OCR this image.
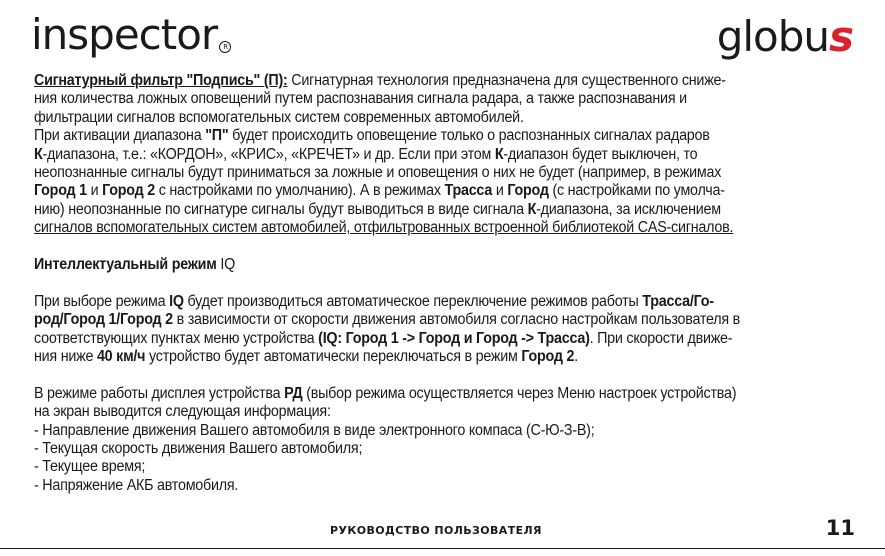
inspector R	globus

Сигнатурный фильтр "Подпись" (П): Сигнатурная технология предназначена для существенного сниже-

ния количества ложных оповещений путем распознавания сигнала радара, а также распознавания и

фильтрации сигналов вспомогательных систем современных автомобилей.

При активации диапазона "П" будет происходить оповещение только о распознанных сигналах радаров

К-диапазона, т.е.: «КОРДОН», «КРИС», «КРЕЧЕТ» и др. Если при этом К-диапазон будет выключен, то

неопознанные сигналы будут приниматься за ложные и оповещения о них не будет (например, в режимах

Город 1 и Город 2 с настройками по умолчанию). А в режимах Трасса и Город (с настройками по умолча-

нию) неопознанные по сигнатуре сигналы будут выводиться в виде сигнала К-диапазона, за исключением

сигналов вспомогательных систем автомобилей, отфильтрованных встроенной библиотекой CAS-сигналов.

Интеллектуальный режим IQ

При выборе режима IQ будет производиться автоматическое переключение режимов работы Трасса/Го-

род/Город 1/Город 2 в зависимости от скорости движения автомобиля согласно настройкам пользователя в

соответствующих пунктах меню устройства (IQ: Город 1 -> Город и Город -> Трасса). При скорости движе-

ния ниже 40 км/ч устройство будет автоматически переключаться в режим Город 2.

В режиме работы дисплея устройства РД (выбор режима осуществляется через Меню настроек устройства)

на экран выводится следующая информация:

- Направление движения Вашего автомобиля в виде электронного компаса (С-Ю-З-В);

- Текущая скорость движения Вашего автомобиля;

- Текущее время;

- Напряжение АКБ автомобиля.

РУКОВОДСТВО ПОЛЬЗОВАТЕЛЯ	11
